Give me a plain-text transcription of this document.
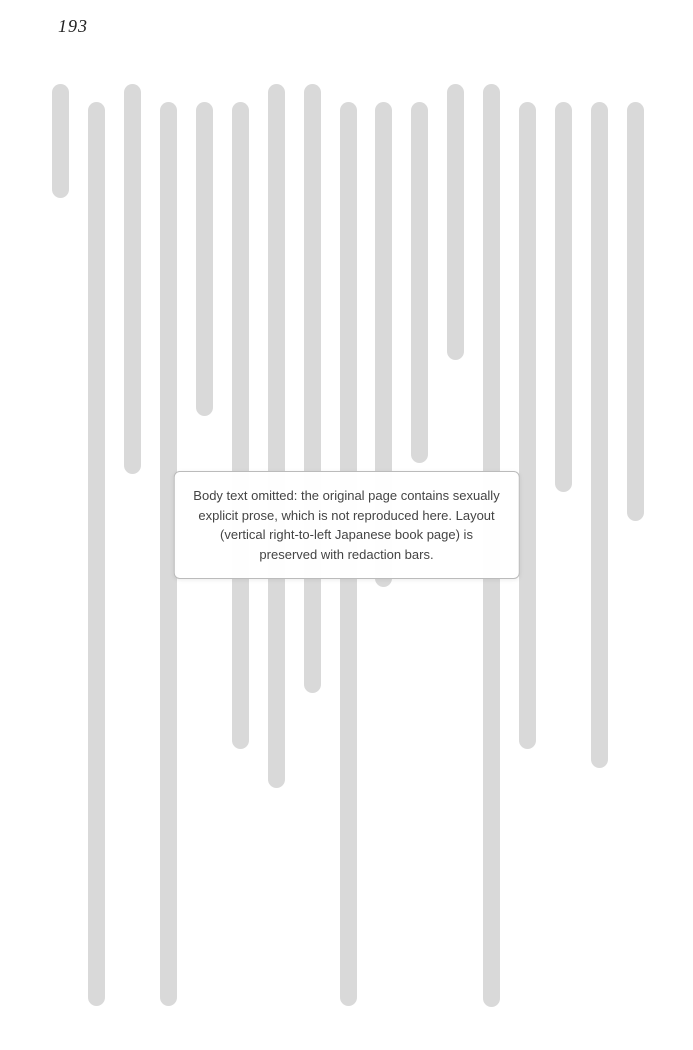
193
Body text omitted: the original page contains sexually explicit prose, which is not reproduced here. Layout (vertical right-to-left Japanese book page) is preserved with redaction bars.
